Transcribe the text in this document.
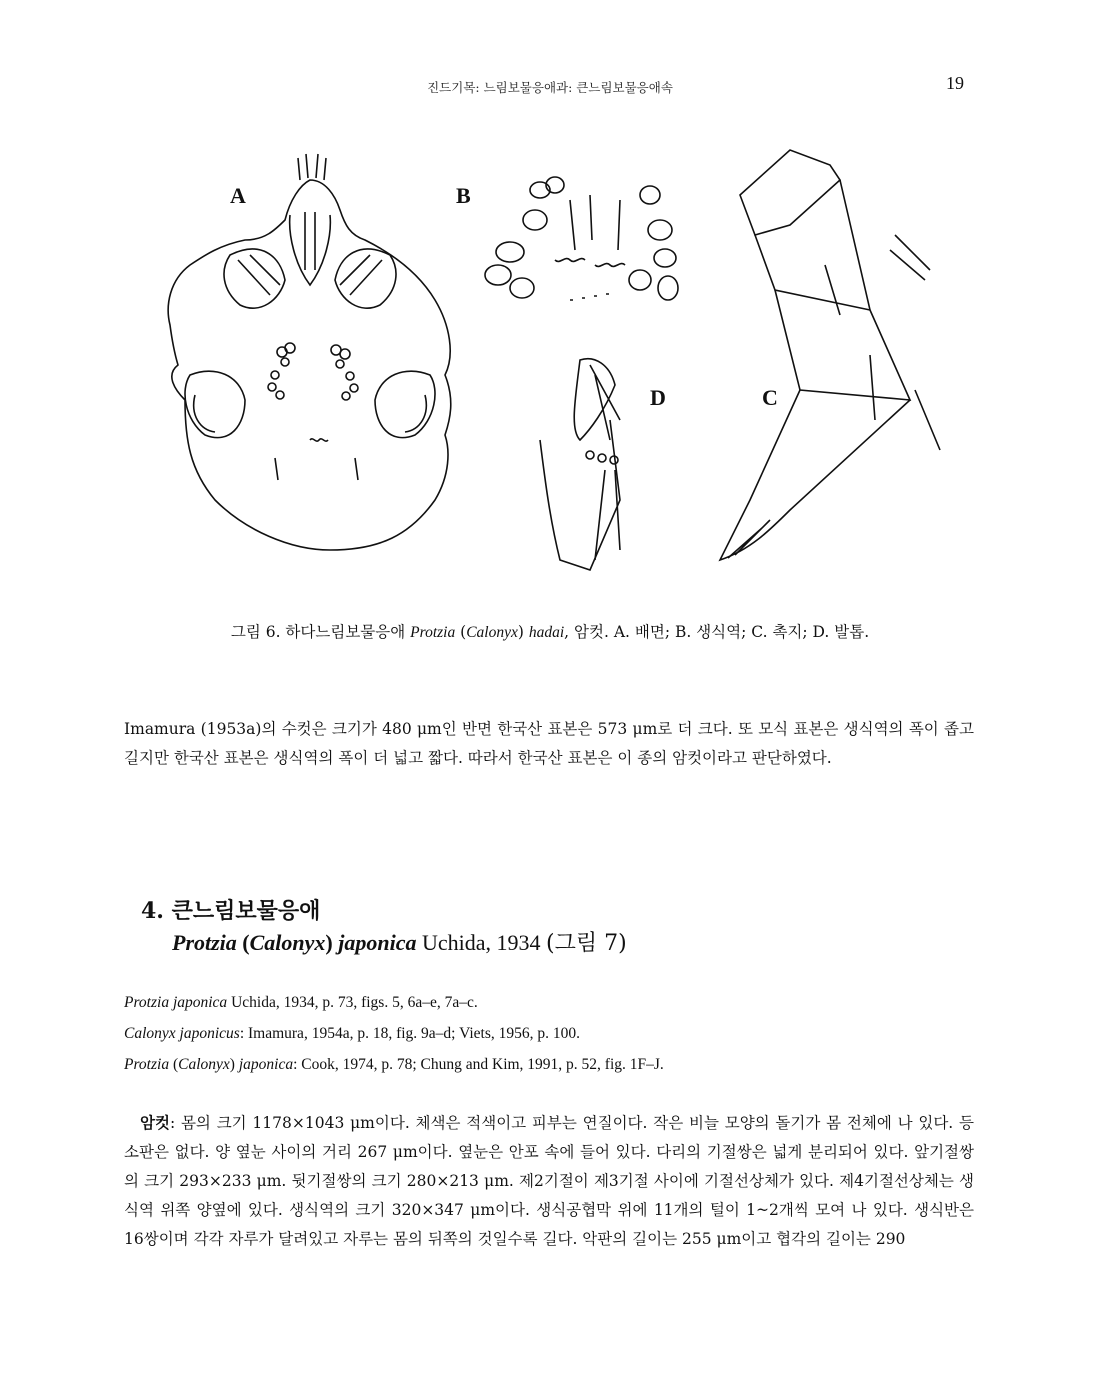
진드기목: 느림보물응애과: 큰느림보물응애속	19
A	B
C
D
그림 6. 하다느림보물응애 Protzia (Calonyx) hadai, 암컷. A. 배면; B. 생식역; C. 촉지; D. 발톱.

Imamura (1953a)의 수컷은 크기가 480 μm인 반면 한국산 표본은 573 μm로 더 크다. 또 모식 표본은 생식역의 폭이 좁고 길지만 한국산 표본은 생식역의 폭이 더 넓고 짧다. 따라서 한국산 표본은 이 종의 암컷이라고 판단하였다.

4. 큰느림보물응애
Protzia (Calonyx) japonica Uchida, 1934 (그림 7)
Protzia japonica Uchida, 1934, p. 73, figs. 5, 6a–e, 7a–c.
Calonyx japonicus: Imamura, 1954a, p. 18, fig. 9a–d; Viets, 1956, p. 100.
Protzia (Calonyx) japonica: Cook, 1974, p. 78; Chung and Kim, 1991, p. 52, fig. 1F–J.

암컷: 몸의 크기 1178×1043 μm이다. 체색은 적색이고 피부는 연질이다. 작은 비늘 모양의 돌기가 몸 전체에 나 있다. 등소판은 없다. 양 옆눈 사이의 거리 267 μm이다. 옆눈은 안포 속에 들어 있다. 다리의 기절쌍은 넓게 분리되어 있다. 앞기절쌍의 크기 293×233 μm. 뒷기절쌍의 크기 280×213 μm. 제2기절이 제3기절 사이에 기절선상체가 있다. 제4기절선상체는 생식역 위쪽 양옆에 있다. 생식역의 크기 320×347 μm이다. 생식공협막 위에 11개의 털이 1~2개씩 모여 나 있다. 생식반은 16쌍이며 각각 자루가 달려있고 자루는 몸의 뒤쪽의 것일수록 길다. 악판의 길이는 255 μm이고 협각의 길이는 290
